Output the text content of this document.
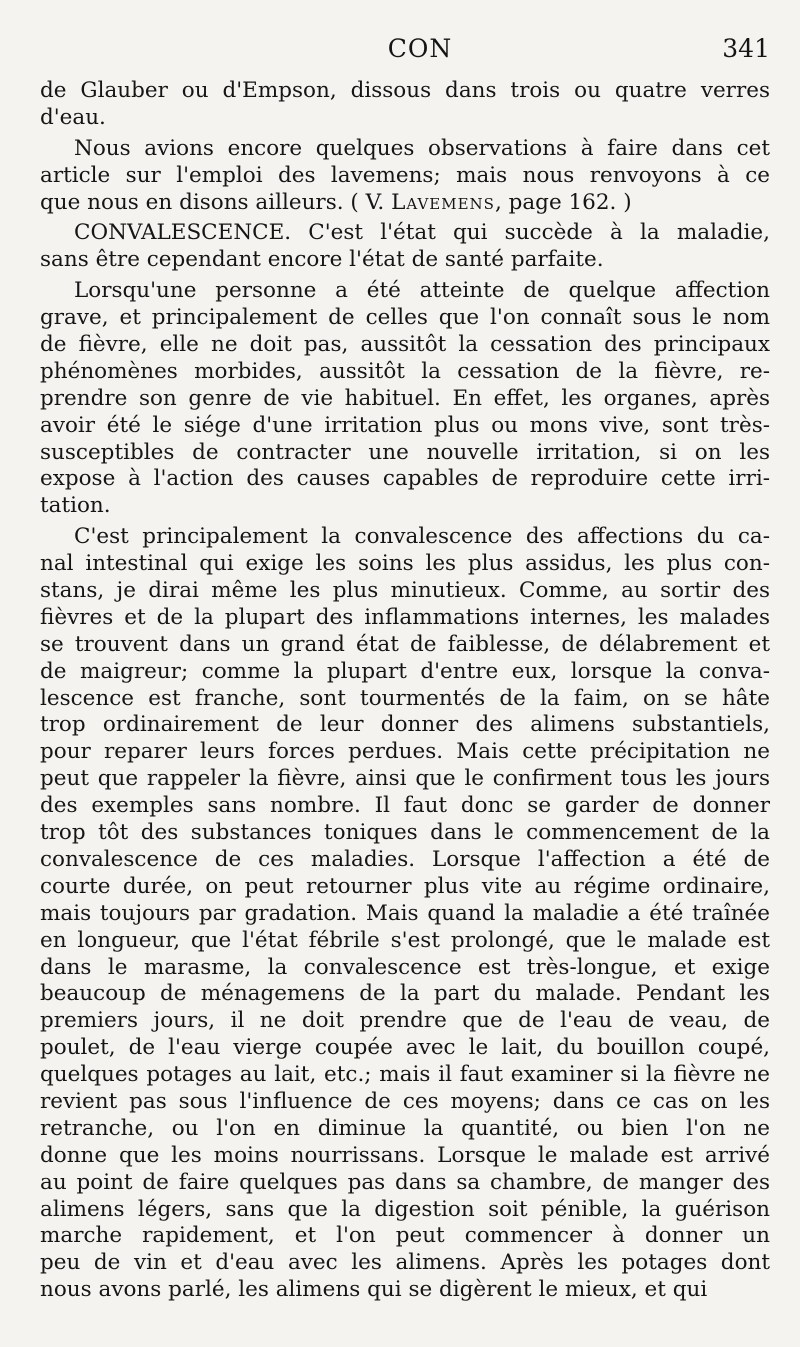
CON	341
de Glauber ou d'Empson, dissous dans trois ou quatre verres
d'eau.
Nous avions encore quelques observations à faire dans cet
article sur l'emploi des lavemens; mais nous renvoyons à ce
que nous en disons ailleurs. ( V. Lavemens, page 162. )
CONVALESCENCE. C'est l'état qui succède à la maladie,
sans être cependant encore l'état de santé parfaite.
Lorsqu'une personne a été atteinte de quelque affection
grave, et principalement de celles que l'on connaît sous le nom
de fièvre, elle ne doit pas, aussitôt la cessation des principaux
phénomènes morbides, aussitôt la cessation de la fièvre, re-
prendre son genre de vie habituel. En effet, les organes, après
avoir été le siége d'une irritation plus ou mons vive, sont très-
susceptibles de contracter une nouvelle irritation, si on les
expose à l'action des causes capables de reproduire cette irri-
tation.
C'est principalement la convalescence des affections du ca-
nal intestinal qui exige les soins les plus assidus, les plus con-
stans, je dirai même les plus minutieux. Comme, au sortir des
fièvres et de la plupart des inflammations internes, les malades
se trouvent dans un grand état de faiblesse, de délabrement et
de maigreur; comme la plupart d'entre eux, lorsque la conva-
lescence est franche, sont tourmentés de la faim, on se hâte
trop ordinairement de leur donner des alimens substantiels,
pour reparer leurs forces perdues. Mais cette précipitation ne
peut que rappeler la fièvre, ainsi que le confirment tous les jours
des exemples sans nombre. Il faut donc se garder de donner
trop tôt des substances toniques dans le commencement de la
convalescence de ces maladies. Lorsque l'affection a été de
courte durée, on peut retourner plus vite au régime ordinaire,
mais toujours par gradation. Mais quand la maladie a été traînée
en longueur, que l'état fébrile s'est prolongé, que le malade est
dans le marasme, la convalescence est très-longue, et exige
beaucoup de ménagemens de la part du malade. Pendant les
premiers jours, il ne doit prendre que de l'eau de veau, de
poulet, de l'eau vierge coupée avec le lait, du bouillon coupé,
quelques potages au lait, etc.; mais il faut examiner si la fièvre ne
revient pas sous l'influence de ces moyens; dans ce cas on les
retranche, ou l'on en diminue la quantité, ou bien l'on ne
donne que les moins nourrissans. Lorsque le malade est arrivé
au point de faire quelques pas dans sa chambre, de manger des
alimens légers, sans que la digestion soit pénible, la guérison
marche rapidement, et l'on peut commencer à donner un
peu de vin et d'eau avec les alimens. Après les potages dont
nous avons parlé, les alimens qui se digèrent le mieux, et qui
